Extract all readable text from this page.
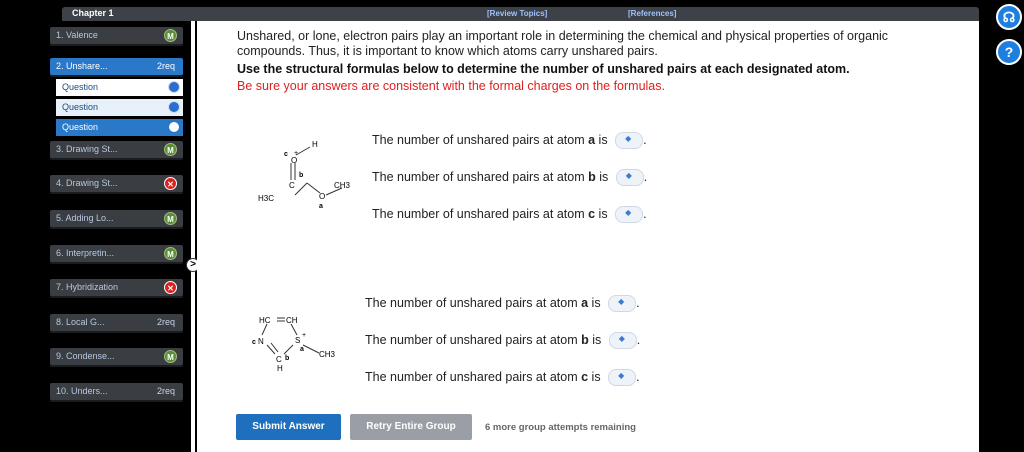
Chapter 1	[Review Topics]	[References]	☊
?
1. Valence	M
2. Unshare...	2req
Question
Question
Question
3. Drawing St...	M
4. Drawing St...	✕
5. Adding Lo...	M
6. Interpretin...	M
7. Hybridization	✕
8. Local G...	2req
9. Condense...	M
10. Unders...	2req
>
Unshared, or lone, electron pairs play an important role in determining the chemical and physical properties of organic compounds. Thus, it is important to know which atoms carry unshared pairs.
Use the structural formulas below to determine the number of unshared pairs at each designated atom.
Be sure your answers are consistent with the formal charges on the formulas.
O
+
c
H
C
b
H3C	O
a
CH3
The number of unshared pairs at atom a is ◆ .
The number of unshared pairs at atom b is ◆ .
The number of unshared pairs at atom c is ◆ .
HC CH
c N	S
+
a
CH3
C b
H
The number of unshared pairs at atom a is ◆ .
The number of unshared pairs at atom b is ◆ .
The number of unshared pairs at atom c is ◆ .
Submit Answer	Retry Entire Group	6 more group attempts remaining
